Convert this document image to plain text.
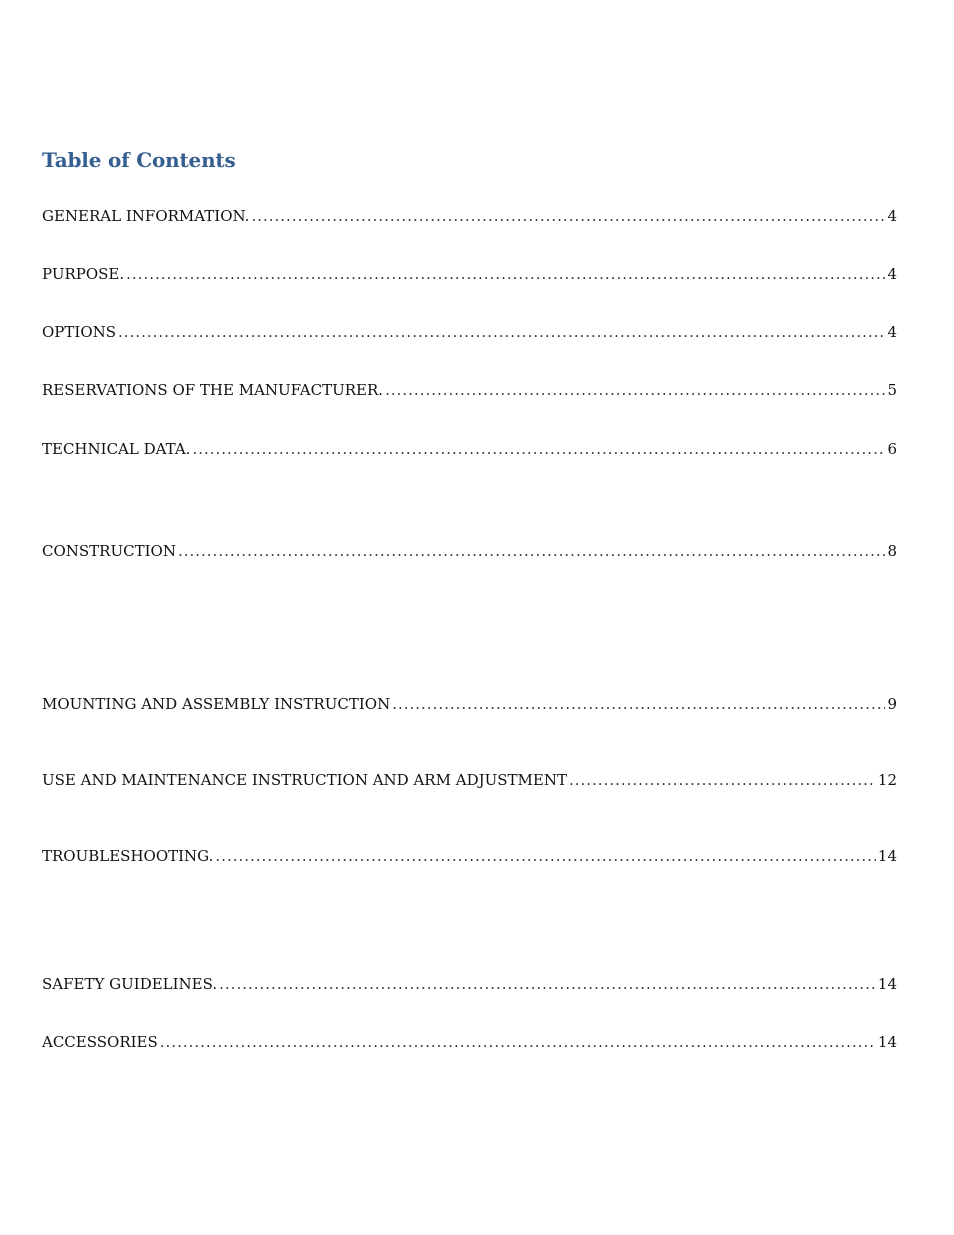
Table of Contents
GENERAL INFORMATION. .....	4
PURPOSE. .....	4
OPTIONS .....	4
RESERVATIONS OF THE MANUFACTURER. .....	5
TECHNICAL DATA. .....	6
CONSTRUCTION .....	8
MOUNTING AND ASSEMBLY INSTRUCTION .....	9
USE AND MAINTENANCE INSTRUCTION AND ARM ADJUSTMENT .....	12
TROUBLESHOOTING. .....	14
SAFETY GUIDELINES. .....	14
ACCESSORIES .....	14
